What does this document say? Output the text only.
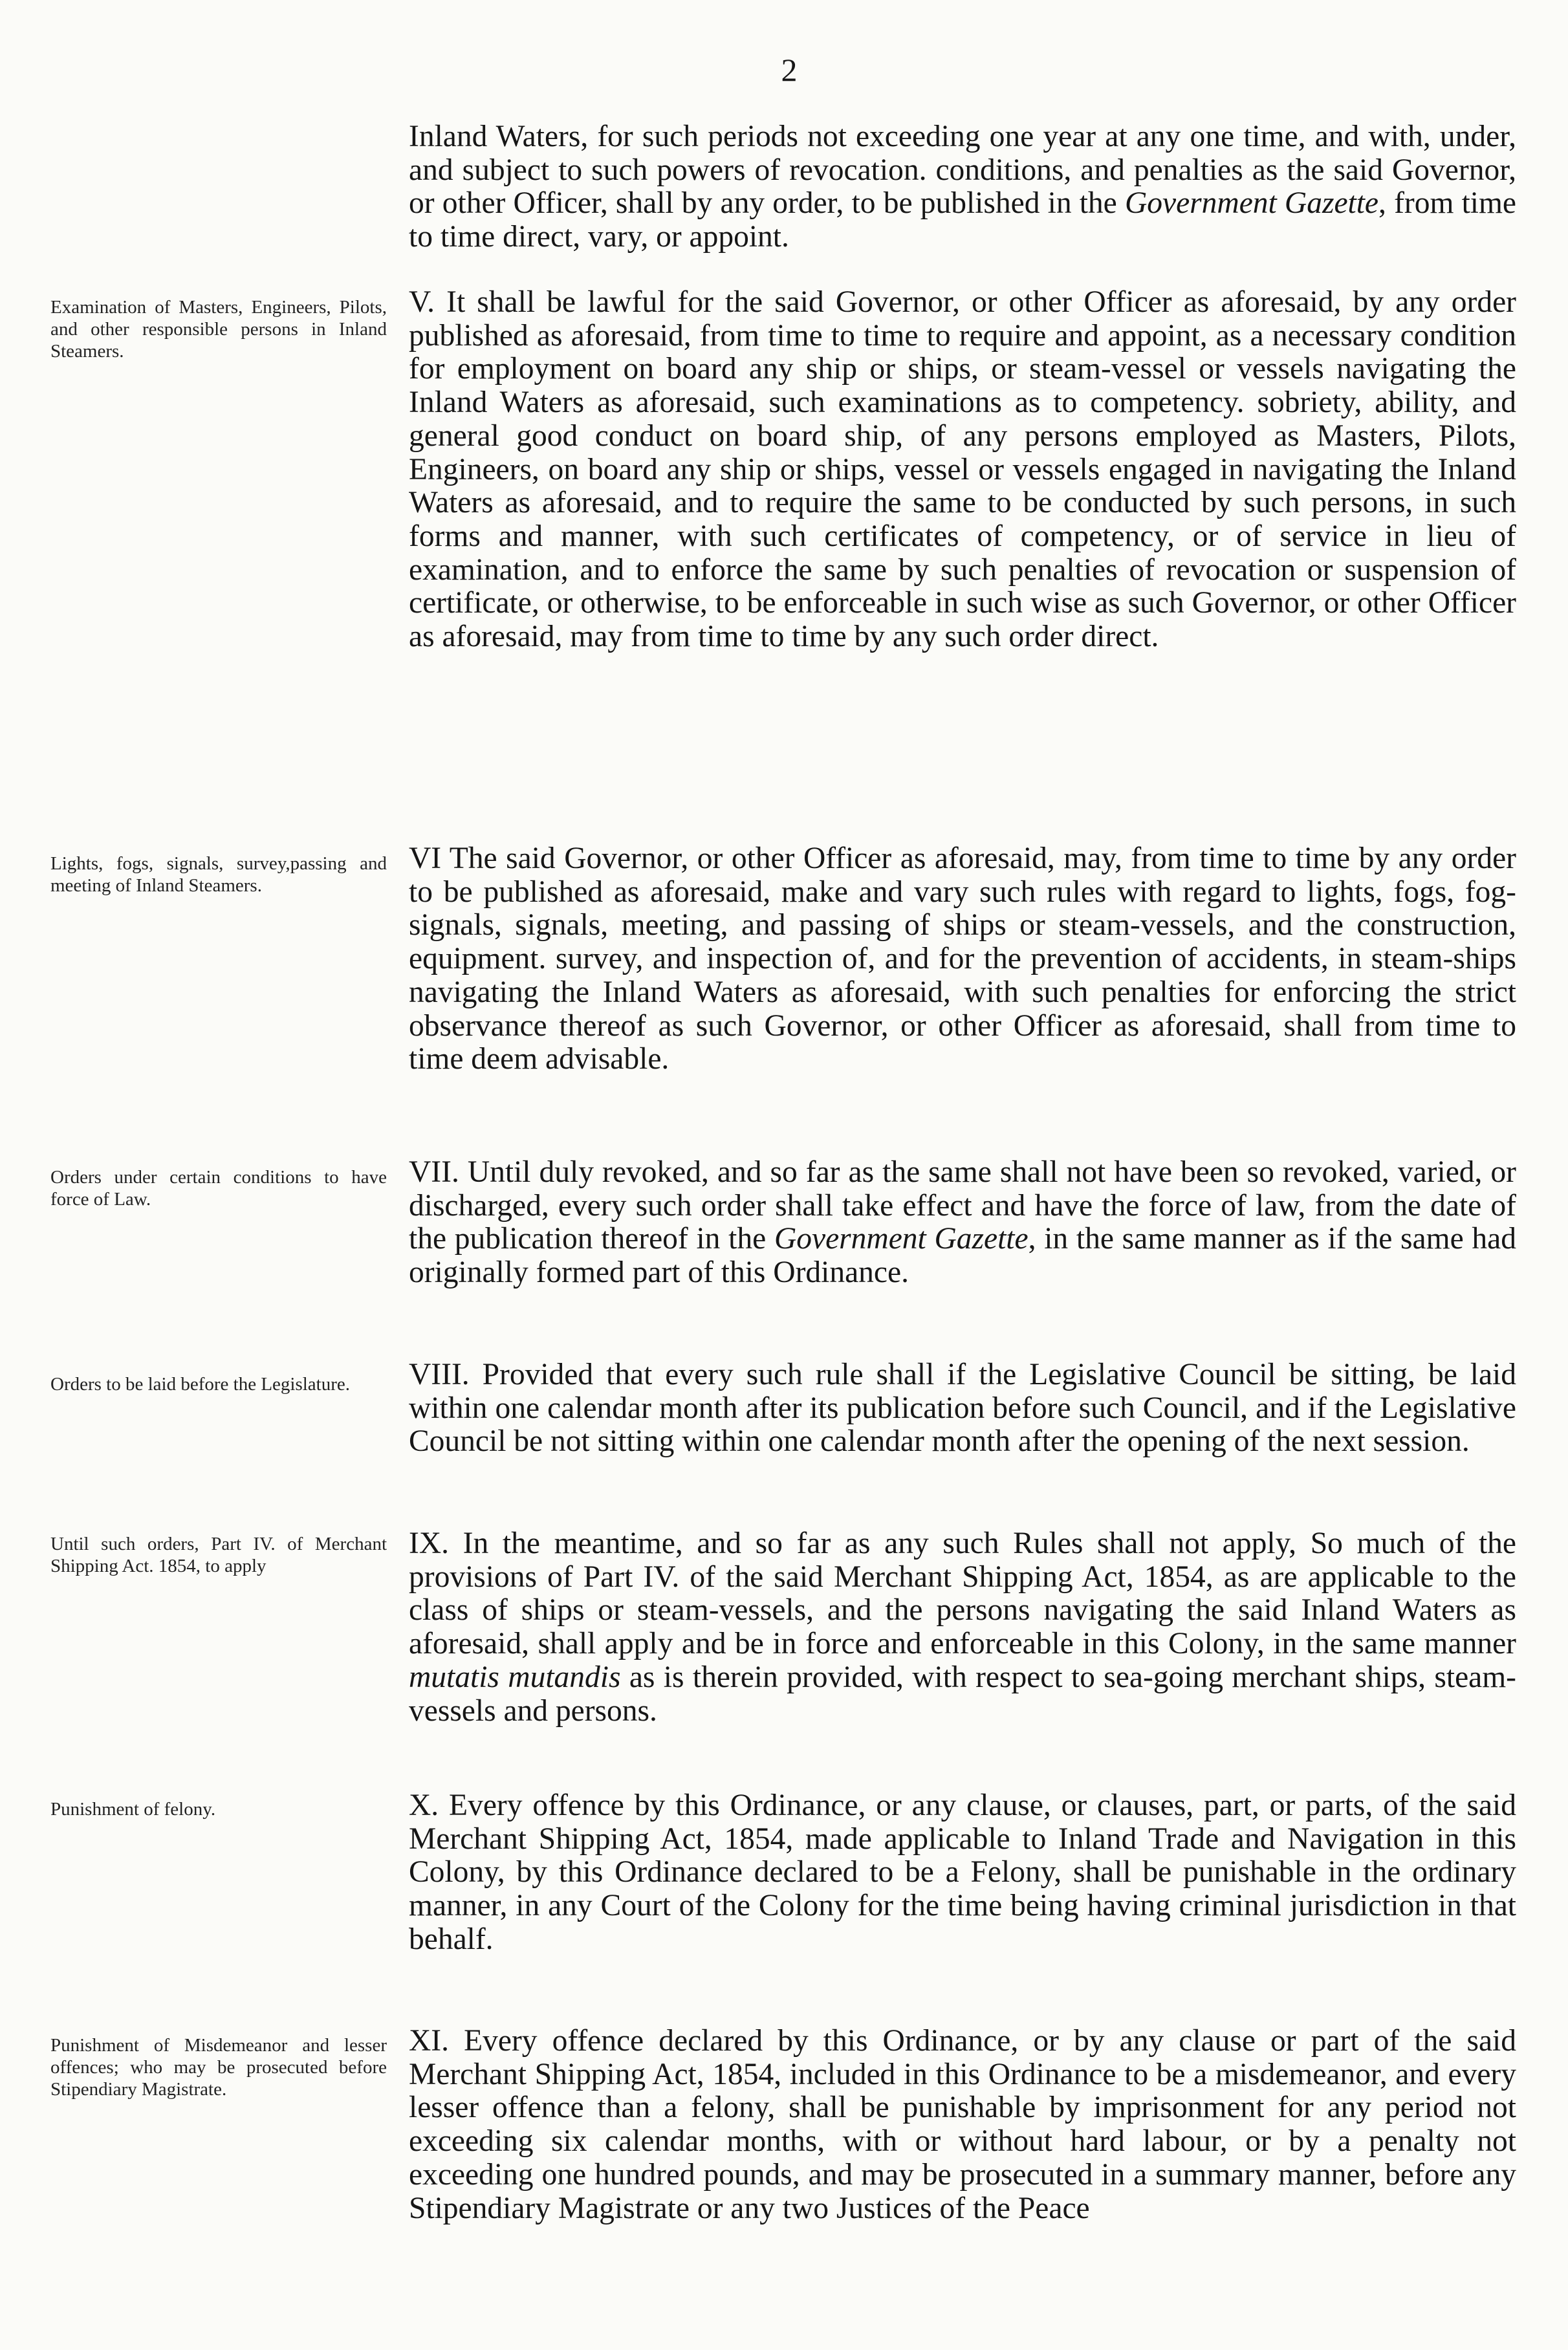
2

Inland Waters, for such periods not exceeding one year at any one time, and with, under, and subject to such powers of revocation. conditions, and penalties as the said Governor, or other Officer, shall by any order, to be published in the Government Gazette, from time to time direct, vary, or appoint.

Examination of Masters, Engineers, Pilots, and other responsible persons in Inland Steamers.

V. It shall be lawful for the said Governor, or other Officer as aforesaid, by any order published as aforesaid, from time to time to require and appoint, as a necessary condition for employment on board any ship or ships, or steam-vessel or vessels navigating the Inland Waters as aforesaid, such examinations as to competency. sobriety, ability, and general good conduct on board ship, of any persons employed as Masters, Pilots, Engineers, on board any ship or ships, vessel or vessels engaged in navigating the Inland Waters as aforesaid, and to require the same to be conducted by such persons, in such forms and manner, with such certificates of competency, or of service in lieu of examination, and to enforce the same by such penalties of revocation or suspension of certificate, or otherwise, to be enforceable in such wise as such Governor, or other Officer as aforesaid, may from time to time by any such order direct.

Lights, fogs, signals, survey,passing and meeting of Inland Steamers.

VI The said Governor, or other Officer as aforesaid, may, from time to time by any order to be published as aforesaid, make and vary such rules with regard to lights, fogs, fog-signals, signals, meeting, and passing of ships or steam-vessels, and the construction, equipment. survey, and inspection of, and for the prevention of accidents, in steam-ships navigating the Inland Waters as aforesaid, with such penalties for enforcing the strict observance thereof as such Governor, or other Officer as aforesaid, shall from time to time deem advisable.

Orders under certain conditions to have force of Law.

VII. Until duly revoked, and so far as the same shall not have been so revoked, varied, or discharged, every such order shall take effect and have the force of law, from the date of the publication thereof in the Government Gazette, in the same manner as if the same had originally formed part of this Ordinance.

Orders to be laid before the Legislature.	VIII. Provided that every such rule shall if the Legislative Council be sitting, be laid within one calendar month after its publication before such Council, and if the Legislative Council be not sitting within one calendar month after the opening of the next session.

Until such orders, Part IV. of Merchant Shipping Act. 1854, to apply

IX. In the meantime, and so far as any such Rules shall not apply, So much of the provisions of Part IV. of the said Merchant Shipping Act, 1854, as are applicable to the class of ships or steam-vessels, and the persons navigating the said Inland Waters as aforesaid, shall apply and be in force and enforceable in this Colony, in the same manner mutatis mutandis as is therein provided, with respect to sea-going merchant ships, steam-vessels and persons.

Punishment of felony.	X. Every offence by this Ordinance, or any clause, or clauses, part, or parts, of the said Merchant Shipping Act, 1854, made applicable to Inland Trade and Navigation in this Colony, by this Ordinance declared to be a Felony, shall be punishable in the ordinary manner, in any Court of the Colony for the time being having criminal jurisdiction in that behalf.

Punishment of Misdemeanor and lesser offences; who may be prosecuted before Stipendiary Magistrate.

XI. Every offence declared by this Ordinance, or by any clause or part of the said Merchant Shipping Act, 1854, included in this Ordinance to be a misdemeanor, and every lesser offence than a felony, shall be punishable by imprisonment for any period not exceeding six calendar months, with or without hard labour, or by a penalty not exceeding one hundred pounds, and may be prosecuted in a summary manner, before any Stipendiary Magistrate or any two Justices of the Peace
